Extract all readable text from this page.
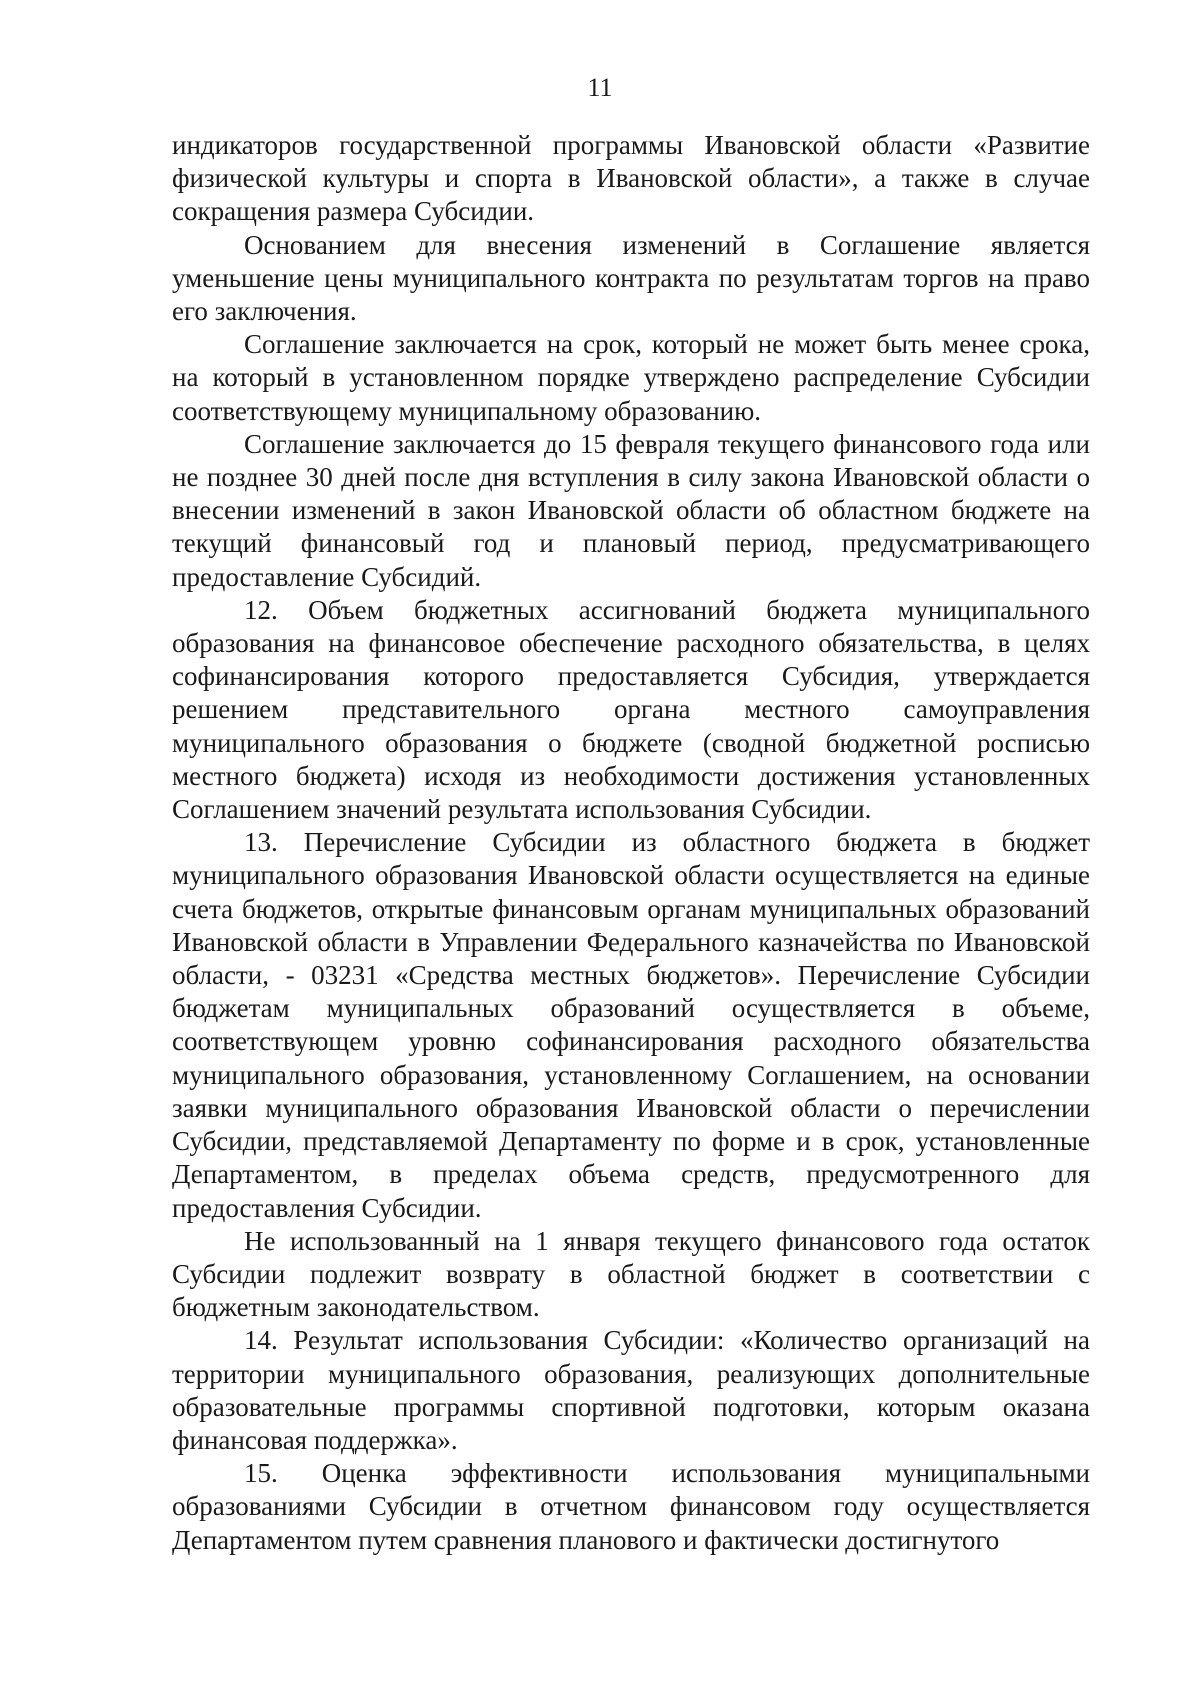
11

индикаторов государственной программы Ивановской области «Развитие физической культуры и спорта в Ивановской области», а также в случае сокращения размера Субсидии.

Основанием для внесения изменений в Соглашение является уменьшение цены муниципального контракта по результатам торгов на право его заключения.

Соглашение заключается на срок, который не может быть менее срока, на который в установленном порядке утверждено распределение Субсидии соответствующему муниципальному образованию.

Соглашение заключается до 15 февраля текущего финансового года или не позднее 30 дней после дня вступления в силу закона Ивановской области о внесении изменений в закон Ивановской области об областном бюджете на текущий финансовый год и плановый период, предусматривающего предоставление Субсидий.

12. Объем бюджетных ассигнований бюджета муниципального образования на финансовое обеспечение расходного обязательства, в целях софинансирования которого предоставляется Субсидия, утверждается решением представительного органа местного самоуправления муниципального образования о бюджете (сводной бюджетной росписью местного бюджета) исходя из необходимости достижения установленных Соглашением значений результата использования Субсидии.

13. Перечисление Субсидии из областного бюджета в бюджет муниципального образования Ивановской области осуществляется на единые счета бюджетов, открытые финансовым органам муниципальных образований Ивановской области в Управлении Федерального казначейства по Ивановской области, - 03231 «Средства местных бюджетов». Перечисление Субсидии бюджетам муниципальных образований осуществляется в объеме, соответствующем уровню софинансирования расходного обязательства муниципального образования, установленному Соглашением, на основании заявки муниципального образования Ивановской области о перечислении Субсидии, представляемой Департаменту по форме и в срок, установленные Департаментом, в пределах объема средств, предусмотренного для предоставления Субсидии.

Не использованный на 1 января текущего финансового года остаток Субсидии подлежит возврату в областной бюджет в соответствии с бюджетным законодательством.

14. Результат использования Субсидии: «Количество организаций на территории муниципального образования, реализующих дополнительные образовательные программы спортивной подготовки, которым оказана финансовая поддержка».

15. Оценка эффективности использования муниципальными образованиями Субсидии в отчетном финансовом году осуществляется Департаментом путем сравнения планового и фактически достигнутого
